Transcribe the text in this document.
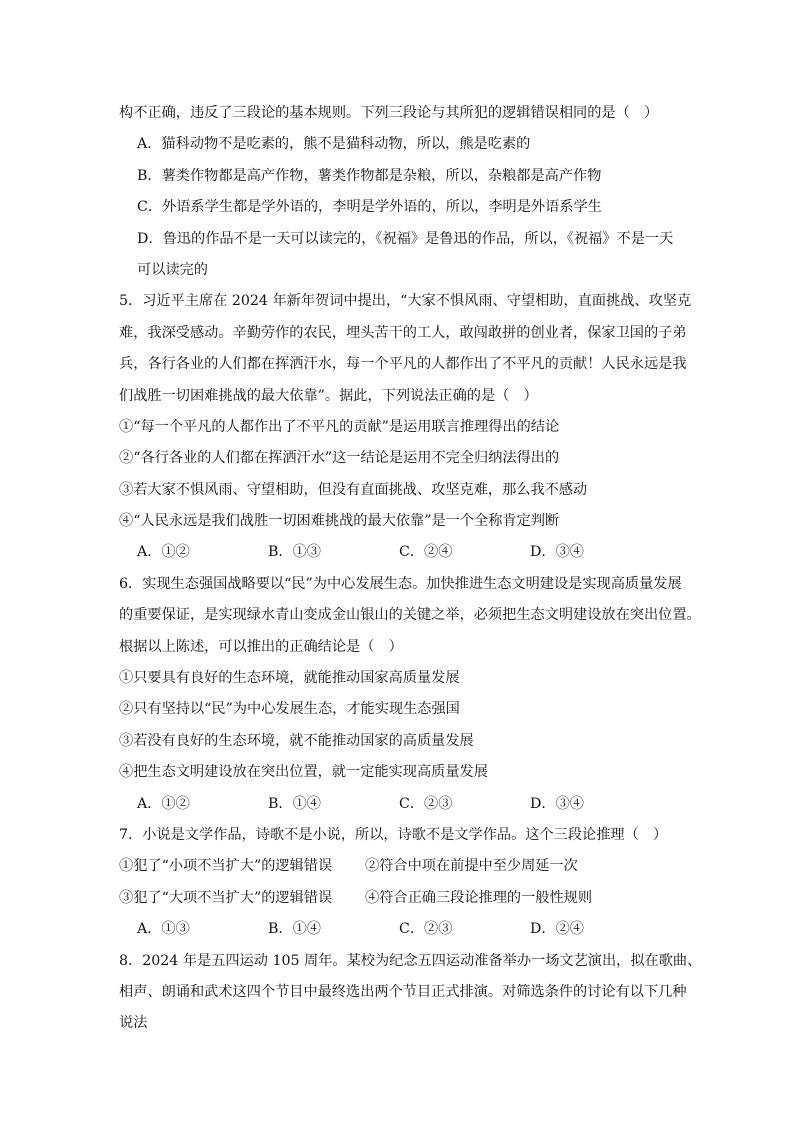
构不正确，违反了三段论的基本规则。下列三段论与其所犯的逻辑错误相同的是（　）
A．猫科动物不是吃素的，熊不是猫科动物，所以，熊是吃素的
B．薯类作物都是高产作物，薯类作物都是杂粮，所以，杂粮都是高产作物
C．外语系学生都是学外语的，李明是学外语的，所以，李明是外语系学生
D．鲁迅的作品不是一天可以读完的，《祝福》是鲁迅的作品，所以，《祝福》不是一天
可以读完的
5．习近平主席在 2024 年新年贺词中提出，“大家不惧风雨、守望相助，直面挑战、攻坚克
难，我深受感动。辛勤劳作的农民，埋头苦干的工人，敢闯敢拼的创业者，保家卫国的子弟
兵，各行各业的人们都在挥洒汗水，每一个平凡的人都作出了不平凡的贡献！人民永远是我
们战胜一切困难挑战的最大依靠”。据此，下列说法正确的是（　）
①“每一个平凡的人都作出了不平凡的贡献”是运用联言推理得出的结论
②“各行各业的人们都在挥洒汗水”这一结论是运用不完全归纳法得出的
③若大家不惧风雨、守望相助，但没有直面挑战、攻坚克难，那么我不感动
④“人民永远是我们战胜一切困难挑战的最大依靠”是一个全称肯定判断
A．①②	B．①③	C．②④	D．③④
6．实现生态强国战略要以“民”为中心发展生态。加快推进生态文明建设是实现高质量发展
的重要保证，是实现绿水青山变成金山银山的关键之举，必须把生态文明建设放在突出位置。
根据以上陈述，可以推出的正确结论是（　）
①只要具有良好的生态环境，就能推动国家高质量发展
②只有坚持以“民”为中心发展生态，才能实现生态强国
③若没有良好的生态环境，就不能推动国家的高质量发展
④把生态文明建设放在突出位置，就一定能实现高质量发展
A．①②	B．①④	C．②③	D．③④
7．小说是文学作品，诗歌不是小说，所以，诗歌不是文学作品。这个三段论推理（　）
①犯了“小项不当扩大”的逻辑错误	②符合中项在前提中至少周延一次
③犯了“大项不当扩大”的逻辑错误	④符合正确三段论推理的一般性规则
A．①③	B．①④	C．②③	D．②④
8．2024 年是五四运动 105 周年。某校为纪念五四运动准备举办一场文艺演出，拟在歌曲、
相声、朗诵和武术这四个节目中最终选出两个节目正式排演。对筛选条件的讨论有以下几种
说法
